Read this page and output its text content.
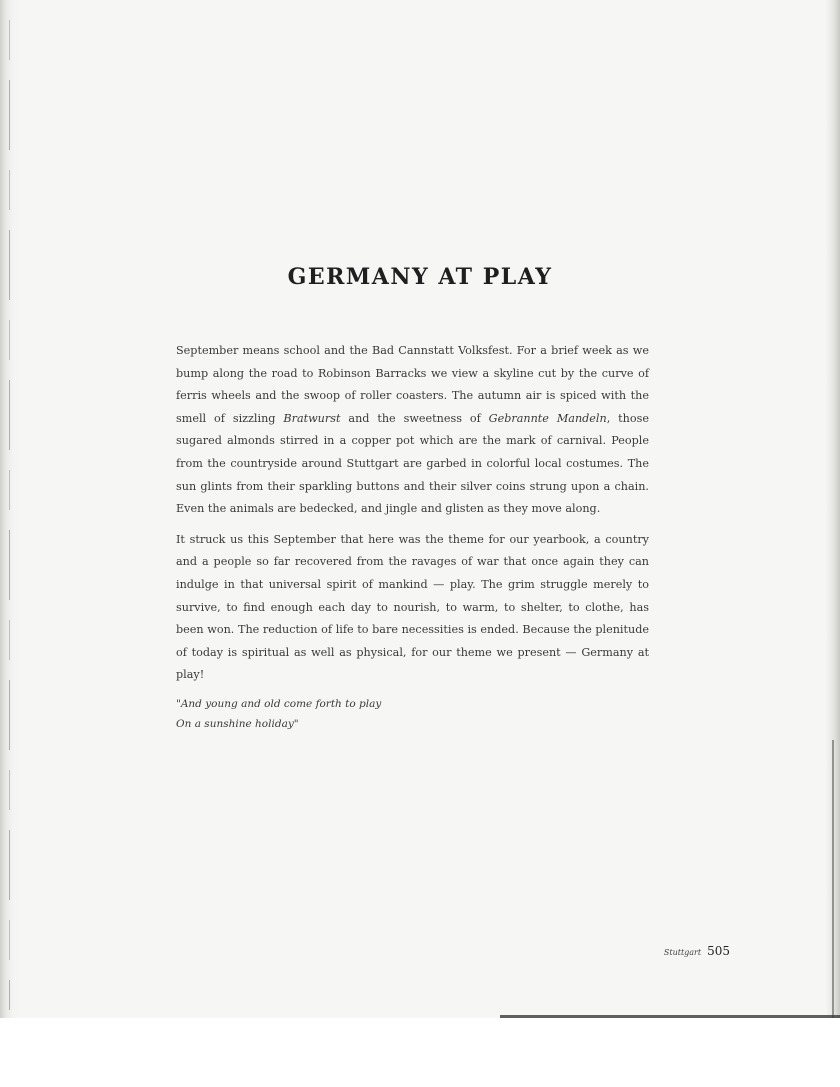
GERMANY AT PLAY

September means school and the Bad Cannstatt Volksfest. For a brief week as we bump along the road to Robinson Barracks we view a skyline cut by the curve of ferris wheels and the swoop of roller coasters. The autumn air is spiced with the smell of sizzling Bratwurst and the sweetness of Gebrannte Mandeln, those sugared almonds stirred in a copper pot which are the mark of carnival. People from the countryside around Stuttgart are garbed in colorful local costumes. The sun glints from their sparkling buttons and their silver coins strung upon a chain. Even the animals are bedecked, and jingle and glisten as they move along.

It struck us this September that here was the theme for our yearbook, a country and a people so far recovered from the ravages of war that once again they can indulge in that universal spirit of mankind — play. The grim struggle merely to survive, to find enough each day to nourish, to warm, to shelter, to clothe, has been won. The reduction of life to bare necessities is ended. Because the plenitude of today is spiritual as well as physical, for our theme we present — Germany at play!

"And young and old come forth to play
On a sunshine holiday"
Stuttgart 505
